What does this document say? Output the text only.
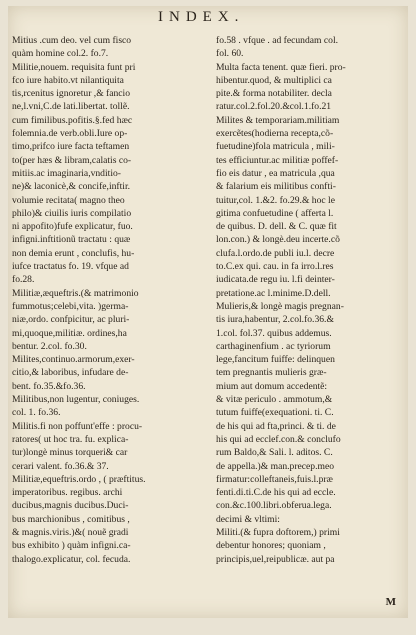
INDEX.
Mitius .cum deo. vel cum fisco
quàm homine col.2. fo.7.
Militie,nouem. requisita funt pri
fco iure habito.vt nilantiquita
tis,rcenitus ignoretur ,& fancio
ne,l.vni,C.de lati.libertat. tollẽ.
cum fimilibus.pofitis.§.fed hæc
folemnia.de verb.obli.Iure op-
timo,prifco iure facta teftamen
to(per hæs & libram,calatis co-
mitiis.ac imaginaria,vnditio-
ne)& laconicè,& concife,inftir.
volumie recitata( magno theo
philo)& ciuilis iuris compilatio
ni appofito)fufe explicatur, fuo.
infigni.inftitionũ tractatu : quæ
non demia erunt , conclufis, hu-
iufce tractatus fo. 19. vfque ad
fo.28.
Militiæ,æqueftris.(& matrimonio
fummotus;celebi,vita. )germa-
niæ,ordo. confpicitur, ac pluri-
mi,quoque,militiæ. ordines,ha
bentur. 2.col. fo.30.
Milites,continuo.armorum,exer-
citio,& laboribus, infudare de-
bent. fo.35.&fo.36.
Militibus,non lugentur, coniuges.
col. 1. fo.36.
Militis.fi non poffunt'effe : procu-
ratores( ut hoc tra. fu. explica-
tur)longè minus torqueri& car
cerari valent. fo.36.& 37.
Militiæ,equeftris.ordo , ( præftitus.
imperatoribus. regibus. archi
ducibus,magnis ducibus.Duci-
bus marchionibus , comitibus ,
& magnis.viris.)&( nouẽ gradi
bus exhibito ) quàm infigni.ca-
thalogo.explicatur, col. fecuda.
fo.58 . vfque . ad fecundam col.
fol. 60.
Multa facta tenent. quæ fieri. pro-
hibentur.quod, & multiplici ca
pite.& forma notabiliter. decla
ratur.col.2.fol.20.&col.1.fo.21
Milites & temporariam.militiam
exercẽtes(hodierna recepta,cõ-
fuetudine)fola matricula , mili-
tes efficiuntur.ac militiæ poffef-
fio eis datur , ea matricula ,qua
& falarium eis militibus confti-
tuitur,col. 1.&2. fo.29.& hoc le
gitima confuetudine ( afferta l.
de quibus. D. dell. & C. quæ fit
lon.con.) & longè.deu incerte.cõ
clufa.l.ordo.de publi iu.l. decre
to.C.ex qui. cau. in fa irro.l.res
iudicata.de regu iu. l.fi deinter-
pretatione.ac l.minime.D.dell.
Mulieris,& longè magis pregnan-
tis iura,habentur, 2.col.fo.36.&
1.col. fol.37. quibus addemus.
carthaginenfium . ac tyriorum
lege,fancitum fuiffe: delinquen
tem pregnantis mulieris græ-
mium aut domum accedentẽ:
& vitæ periculo . ammotum,&
tutum fuiffe(exequationi. ti. C.
de his qui ad fta,princi. & ti. de
his qui ad ecclef.con.& conclufo
rum Baldo,& Sali. l. aditos. C.
de appella.)& man.precep.meo
firmatur:colleftaneis,fuis.l.præ
fenti.di.ti.C.de his qui ad eccle.
con.&c.100.libri.obferua.lega.
decimi & vltimi:
Militi.(& fupra doftorem,) primi
debentur honores; quoniam ,
principis,uel,reipublicæ. aut pa
M
